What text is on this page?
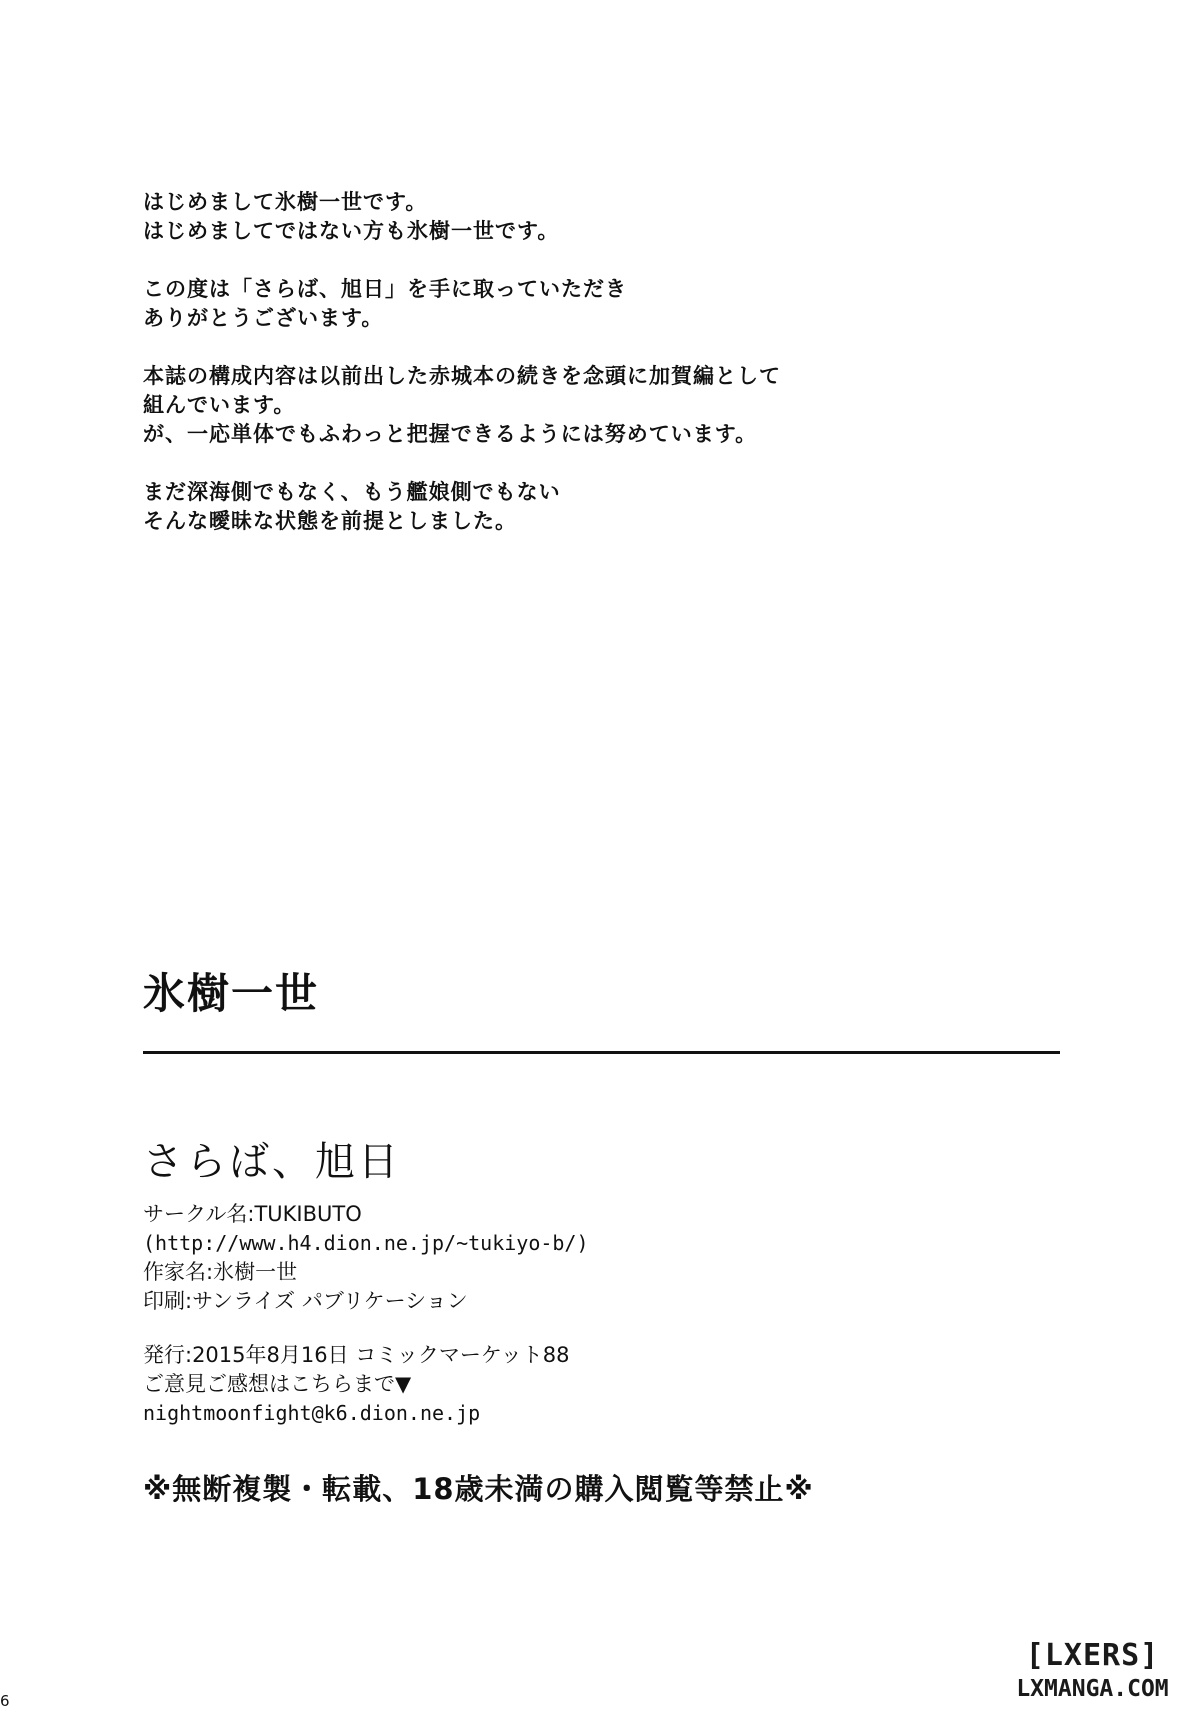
はじめまして氷樹一世です。
はじめましてではない方も氷樹一世です。
この度は「さらば、旭日」を手に取っていただき
ありがとうございます。
本誌の構成内容は以前出した赤城本の続きを念頭に加賀編として
組んでいます。
が、一応単体でもふわっと把握できるようには努めています。
まだ深海側でもなく、もう艦娘側でもない
そんな曖昧な状態を前提としました。
氷樹一世
さらば、旭日
サークル名:TUKIBUTO
(http://www.h4.dion.ne.jp/~tukiyo-b/)
作家名:氷樹一世
印刷:サンライズ パブリケーション
発行:2015年8月16日 コミックマーケット88
ご意見ご感想はこちらまで▼
nightmoonfight@k6.dion.ne.jp
※無断複製・転載、18歳未満の購入閲覧等禁止※
[LXERS]
LXMANGA.COM
6
